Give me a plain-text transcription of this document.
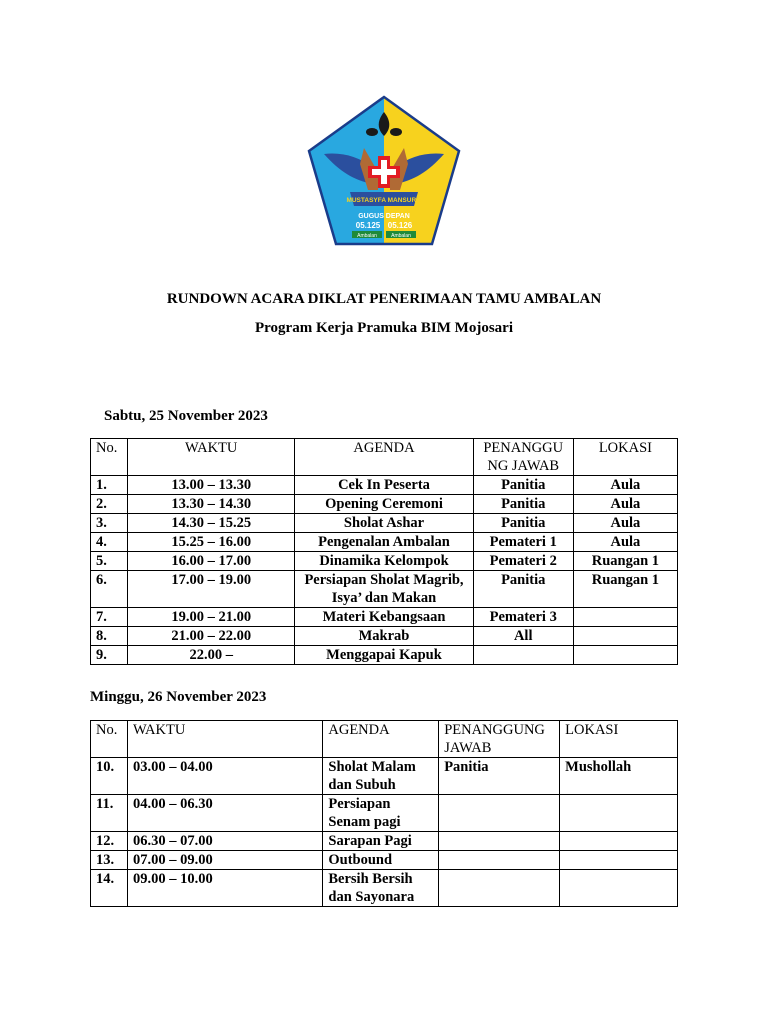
MUSTASYFA MANSUR 3
GUGUS DEPAN
05.125 05.126
Ambalan	Ambalan
RUNDOWN ACARA DIKLAT PENERIMAAN TAMU AMBALAN
Program Kerja Pramuka BIM Mojosari
Sabtu, 25 November 2023
No.	WAKTU	AGENDA	PENANGGU NG JAWAB	LOKASI
1.	13.00 – 13.30	Cek In Peserta	Panitia	Aula
2.	13.30 – 14.30	Opening Ceremoni	Panitia	Aula
3.	14.30 – 15.25	Sholat Ashar	Panitia	Aula
4.	15.25 – 16.00	Pengenalan Ambalan	Pemateri 1	Aula
5.	16.00 – 17.00	Dinamika Kelompok	Pemateri 2	Ruangan 1
6.	17.00 – 19.00	Persiapan Sholat Magrib, Isya’ dan Makan	Panitia	Ruangan 1
7.	19.00 – 21.00	Materi Kebangsaan	Pemateri 3	
8.	21.00 – 22.00	Makrab	All	
9.	22.00 –	Menggapai Kapuk		
Minggu, 26 November 2023
No.	WAKTU	AGENDA	PENANGGUNG JAWAB	LOKASI
10.	03.00 – 04.00	Sholat Malam dan Subuh	Panitia	Mushollah
11.	04.00 – 06.30	Persiapan Senam pagi		
12.	06.30 – 07.00	Sarapan Pagi		
13.	07.00 – 09.00	Outbound		
14.	09.00 – 10.00	Bersih Bersih dan Sayonara		
